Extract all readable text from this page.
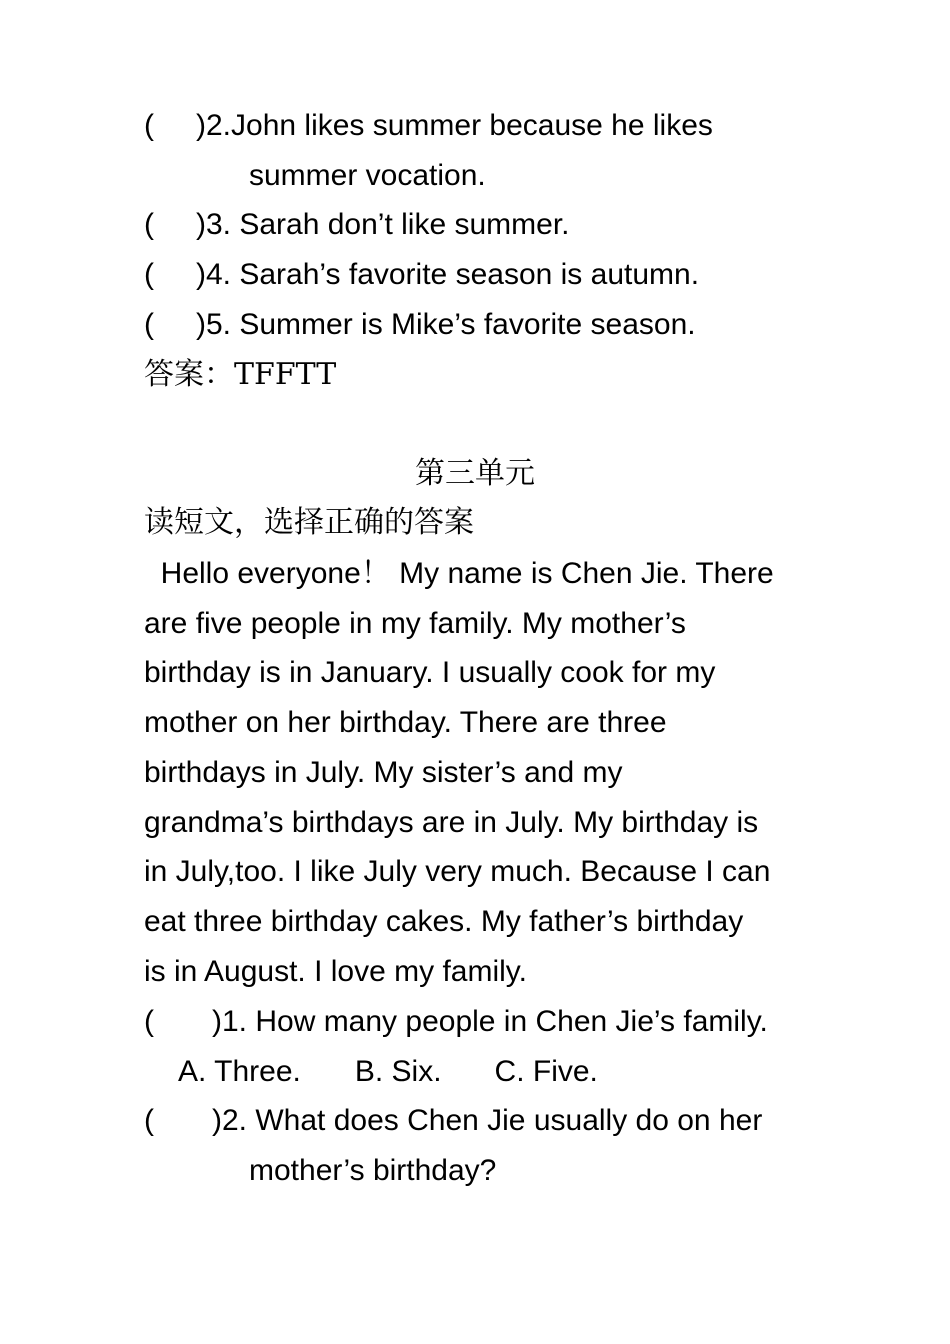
( )2.John likes summer because he likes
summer vocation.
( )3. Sarah don’t like summer.
( )4. Sarah’s favorite season is autumn.
( )5. Summer is Mike’s favorite season.
答案：TFFTT
第三单元
读短文，选择正确的答案
Hello everyone！ My name is Chen Jie. There
are five people in my family. My mother’s
birthday is in January. I usually cook for my
mother on her birthday. There are three
birthdays in July. My sister’s and my
grandma’s birthdays are in July. My birthday is
in July,too. I like July very much. Because I can
eat three birthday cakes. My father’s birthday
is in August. I love my family.
( )1. How many people in Chen Jie’s family.
A. Three. B. Six. C. Five.
( )2. What does Chen Jie usually do on her
mother’s birthday?
